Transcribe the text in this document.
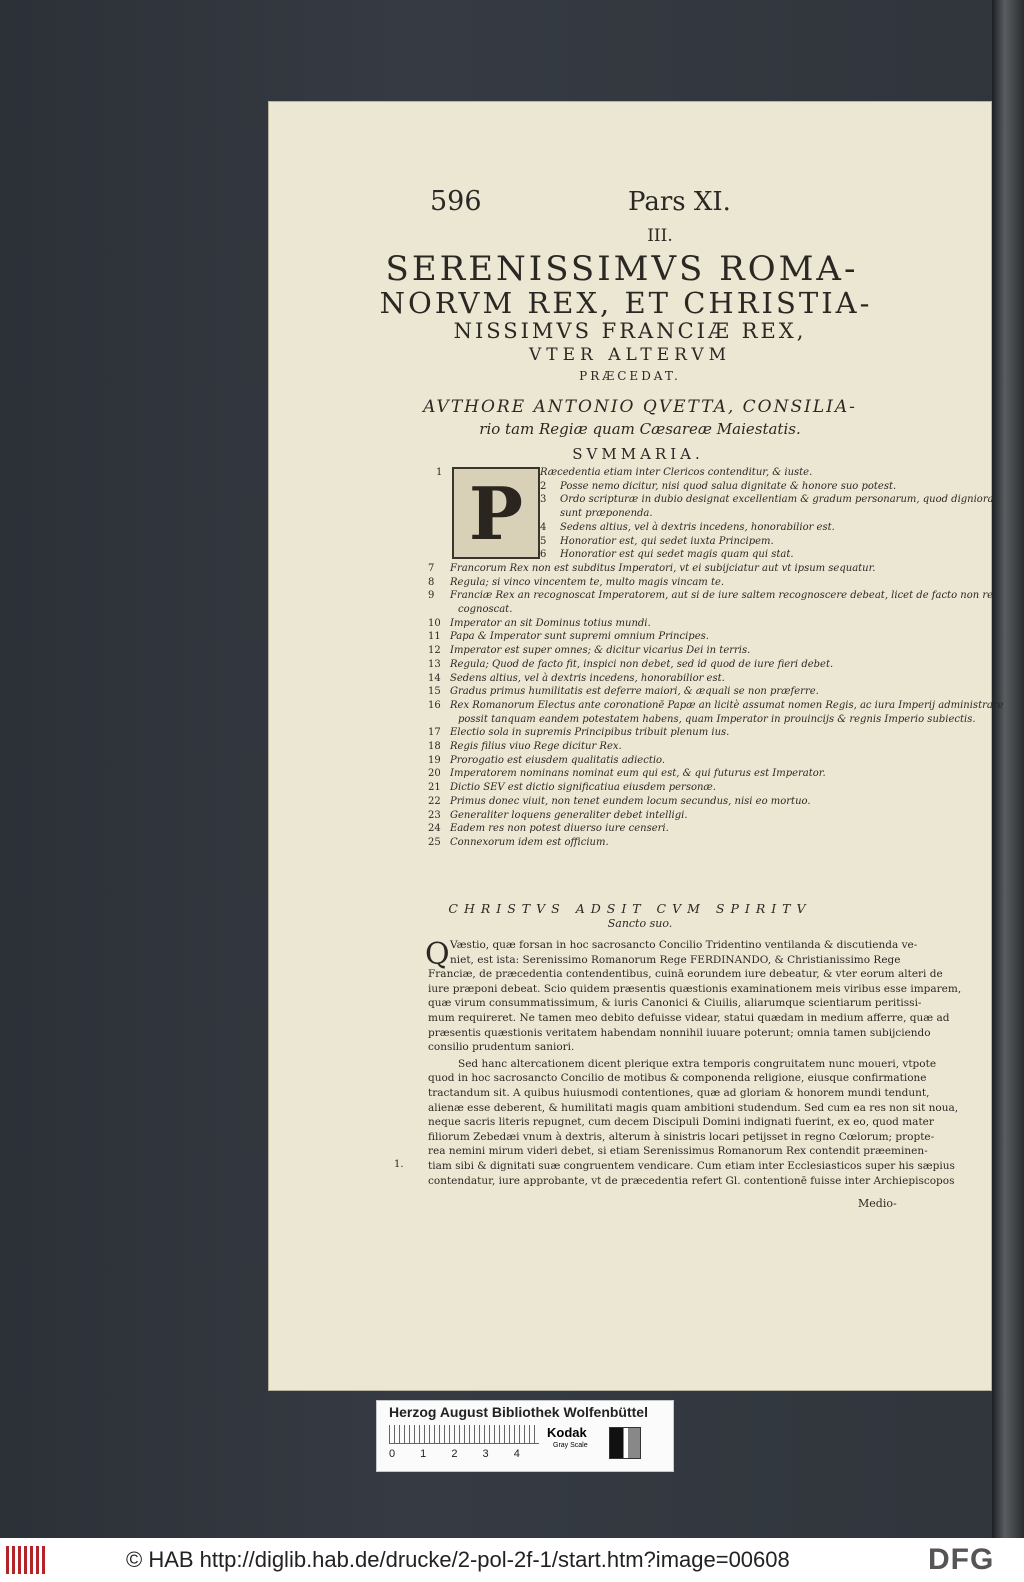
596	Pars XI.
III.
SERENISSIMVS ROMA-
NORVM REX, ET CHRISTIA-
NISSIMVS FRANCIÆ REX,
VTER ALTERVM
PRÆCEDAT.
AVTHORE ANTONIO QVETTA, CONSILIA-
rio tam Regiæ quam Cæsareæ Maiestatis.
SVMMARIA.
P
1	Ræcedentia etiam inter Clericos contenditur, & iuste.
2 Posse nemo dicitur, nisi quod salua dignitate & honore suo potest.
3 Ordo scripturæ in dubio designat excellentiam & gradum personarum, quod digniora
sunt præponenda.
4 Sedens altius, vel à dextris incedens, honorabilior est.
5 Honoratior est, qui sedet iuxta Principem.
6 Honoratior est qui sedet magis quam qui stat.
7 Francorum Rex non est subditus Imperatori, vt ei subijciatur aut vt ipsum sequatur.
8 Regula; si vinco vincentem te, multo magis vincam te.
9 Franciæ Rex an recognoscat Imperatorem, aut si de iure saltem recognoscere debeat, licet de facto non re-
cognoscat.
10 Imperator an sit Dominus totius mundi.
11 Papa & Imperator sunt supremi omnium Principes.
12 Imperator est super omnes; & dicitur vicarius Dei in terris.
13 Regula; Quod de facto fit, inspici non debet, sed id quod de iure fieri debet.
14 Sedens altius, vel à dextris incedens, honorabilior est.
15 Gradus primus humilitatis est deferre maiori, & æquali se non præferre.
16 Rex Romanorum Electus ante coronationē Papæ an licitè assumat nomen Regis, ac iura Imperij administrare
possit tanquam eandem potestatem habens, quam Imperator in prouincijs & regnis Imperio subiectis.
17 Electio sola in supremis Principibus tribuit plenum ius.
18 Regis filius viuo Rege dicitur Rex.
19 Prorogatio est eiusdem qualitatis adiectio.
20 Imperatorem nominans nominat eum qui est, & qui futurus est Imperator.
21 Dictio SEV est dictio significatiua eiusdem personæ.
22 Primus donec viuit, non tenet eundem locum secundus, nisi eo mortuo.
23 Generaliter loquens generaliter debet intelligi.
24 Eadem res non potest diuerso iure censeri.
25 Connexorum idem est officium.
CHRISTVS ADSIT CVM SPIRITV
Sancto suo.
Q Væstio, quæ forsan in hoc sacrosancto Concilio Tridentino ventilanda & discutienda ve-
niet, est ista: Serenissimo Romanorum Rege FERDINANDO, & Christianissimo Rege
Franciæ, de præcedentia contendentibus, cuinā eorundem iure debeatur, & vter eorum alteri de
iure præponi debeat. Scio quidem præsentis quæstionis examinationem meis viribus esse imparem,
quæ virum consummatissimum, & iuris Canonici & Ciuilis, aliarumque scientiarum peritissi-
mum requireret. Ne tamen meo debito defuisse videar, statui quædam in medium afferre, quæ ad
præsentis quæstionis veritatem habendam nonnihil iuuare poterunt; omnia tamen subijciendo
consilio prudentum saniori.
Sed hanc altercationem dicent plerique extra temporis congruitatem nunc moueri, vtpote
quod in hoc sacrosancto Concilio de motibus & componenda religione, eiusque confirmatione
tractandum sit. A quibus huiusmodi contentiones, quæ ad gloriam & honorem mundi tendunt,
alienæ esse deberent, & humilitati magis quam ambitioni studendum. Sed cum ea res non sit noua,
neque sacris literis repugnet, cum decem Discipuli Domini indignati fuerint, ex eo, quod mater
filiorum Zebedæi vnum à dextris, alterum à sinistris locari petijsset in regno Cœlorum; propte-
rea nemini mirum videri debet, si etiam Serenissimus Romanorum Rex contendit præeminen-
tiam sibi & dignitati suæ congruentem vendicare. Cum etiam inter Ecclesiasticos super his sæpius
contendatur, iure approbante, vt de præcedentia refert Gl. contentionē fuisse inter Archiepiscopos
1.
Medio-
Herzog August Bibliothek Wolfenbüttel
0 1 2 3 4
Kodak
Gray Scale
© HAB http://diglib.hab.de/drucke/2-pol-2f-1/start.htm?image=00608	DFG
